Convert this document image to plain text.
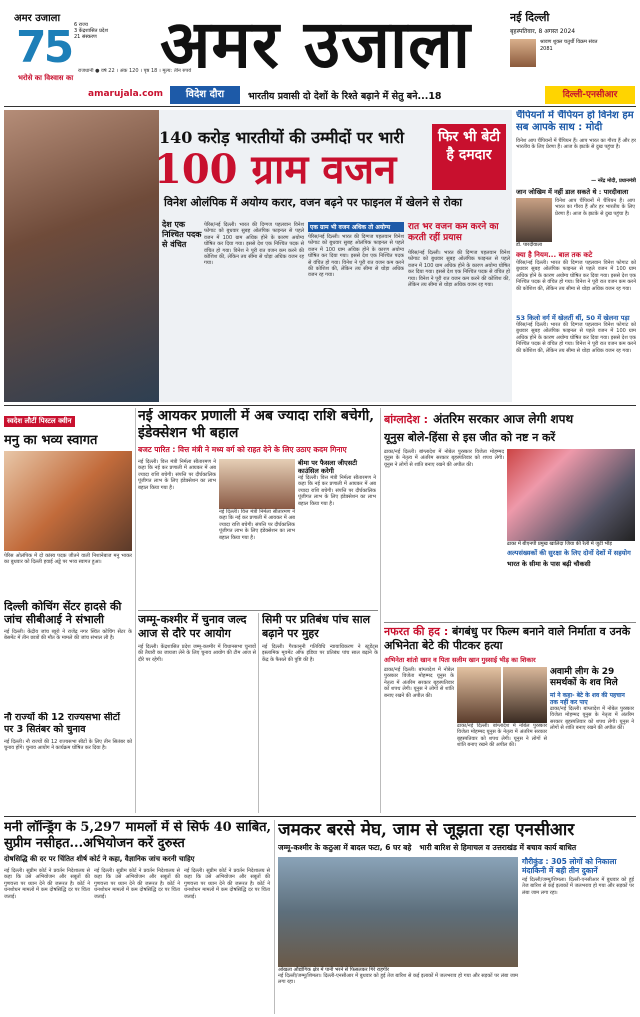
अमर उजाला
75 6 राज्य
3 केंद्रशासित प्रदेश
21 संस्करण
भरोसे का विश्वास का
राजधानी ● वर्ष 22 । अंक 120 । पृष्ठ 18 । मूल्य: तीन रुपये
अमर उजाला	नई दिल्ली
बृहस्पतिवार, 8 अगस्त 2024
श्रावण शुक्ल चतुर्थी विक्रम संवत 2081
amarujala.com	विदेश दौरा	भारतीय प्रवासी दो देशों के रिश्ते बढ़ाने में सेतु बने...18	दिल्ली-एनसीआर
देश एक निश्चित पदक से वंचित
140 करोड़ भारतीयों की उम्मीदों पर भारी
100 ग्राम वजन
फिर भी बेटी है दमदार
विनेश ओलंपिक में अयोग्य करार, वजन बढ़ने पर फाइनल में खेलने से रोका
पेरिस/नई दिल्ली। भारत की दिग्गज पहलवान विनेश फोगाट को बुधवार सुबह ओलंपिक फाइनल से पहले वजन में 100 ग्राम अधिक होने के कारण अयोग्य घोषित कर दिया गया। इससे देश एक निश्चित पदक से वंचित हो गया। विनेश ने पूरी रात वजन कम करने की कोशिश की, लेकिन तय सीमा से थोड़ा अधिक वजन रह गया।
एक ग्राम भी वजन अधिक तो अयोग्य
पेरिस/नई दिल्ली। भारत की दिग्गज पहलवान विनेश फोगाट को बुधवार सुबह ओलंपिक फाइनल से पहले वजन में 100 ग्राम अधिक होने के कारण अयोग्य घोषित कर दिया गया। इससे देश एक निश्चित पदक से वंचित हो गया। विनेश ने पूरी रात वजन कम करने की कोशिश की, लेकिन तय सीमा से थोड़ा अधिक वजन रह गया।
रात भर वजन कम करने का करती रहीं प्रयास
पेरिस/नई दिल्ली। भारत की दिग्गज पहलवान विनेश फोगाट को बुधवार सुबह ओलंपिक फाइनल से पहले वजन में 100 ग्राम अधिक होने के कारण अयोग्य घोषित कर दिया गया। इससे देश एक निश्चित पदक से वंचित हो गया। विनेश ने पूरी रात वजन कम करने की कोशिश की, लेकिन तय सीमा से थोड़ा अधिक वजन रह गया।
चैंपियनों में चैंपियन हो विनेश हम सब आपके साथ : मोदी
विनेश आप चैंपियनों में चैंपियन हैं। आप भारत का गौरव हैं और हर भारतीय के लिए प्रेरणा हैं। आज के झटके से दुख पहुंचा है।
— नरेंद्र मोदी, प्रधानमंत्री
जान जोखिम में नहीं डाल सकते थे : पारदीवाला
विनेश आप चैंपियनों में चैंपियन हैं। आप भारत का गौरव हैं और हर भारतीय के लिए प्रेरणा हैं। आज के झटके से दुख पहुंचा है।
डॉ. पारदीवाला
क्या है नियम... बाल तक कटे
पेरिस/नई दिल्ली। भारत की दिग्गज पहलवान विनेश फोगाट को बुधवार सुबह ओलंपिक फाइनल से पहले वजन में 100 ग्राम अधिक होने के कारण अयोग्य घोषित कर दिया गया। इससे देश एक निश्चित पदक से वंचित हो गया। विनेश ने पूरी रात वजन कम करने की कोशिश की, लेकिन तय सीमा से थोड़ा अधिक वजन रह गया।
53 किलो वर्ग में खेलतीं थीं, 50 में खेलना पड़ा
पेरिस/नई दिल्ली। भारत की दिग्गज पहलवान विनेश फोगाट को बुधवार सुबह ओलंपिक फाइनल से पहले वजन में 100 ग्राम अधिक होने के कारण अयोग्य घोषित कर दिया गया। इससे देश एक निश्चित पदक से वंचित हो गया। विनेश ने पूरी रात वजन कम करने की कोशिश की, लेकिन तय सीमा से थोड़ा अधिक वजन रह गया।
स्वदेश लौटीं पिस्टल क्वीन
मनु का भव्य स्वागत
पेरिस ओलंपिक में दो कांस्य पदक जीतने वाली निशानेबाज मनु भाकर का बुधवार को दिल्ली हवाई अड्डे पर भव्य स्वागत हुआ।
दिल्ली कोचिंग सेंटर हादसे की जांच सीबीआई ने संभाली
नई दिल्ली। केंद्रीय जांच ब्यूरो ने राजेंद्र नगर स्थित कोचिंग सेंटर के बेसमेंट में तीन छात्रों की मौत के मामले की जांच संभाल ली है।
नौ राज्यों की 12 राज्यसभा सीटों पर 3 सितंबर को चुनाव
नई दिल्ली। नौ राज्यों की 12 राज्यसभा सीटों के लिए तीन सितंबर को चुनाव होंगे। चुनाव आयोग ने कार्यक्रम घोषित कर दिया है।
नई आयकर प्रणाली में अब ज्यादा राशि बचेगी, इंडेक्सेशन भी बहाल
बजट पारित : वित्त मंत्री ने मध्य वर्ग को राहत देने के लिए उठाए कदम गिनाए
नई दिल्ली। वित्त मंत्री निर्मला सीतारमण ने कहा कि नई कर प्रणाली में आयकर में अब ज्यादा राशि बचेगी। संपत्ति पर दीर्घकालिक पूंजीगत लाभ के लिए इंडेक्सेशन का लाभ बहाल किया गया है।
नई दिल्ली। वित्त मंत्री निर्मला सीतारमण ने कहा कि नई कर प्रणाली में आयकर में अब ज्यादा राशि बचेगी। संपत्ति पर दीर्घकालिक पूंजीगत लाभ के लिए इंडेक्सेशन का लाभ बहाल किया गया है।
बीमा पर फैसला जीएसटी काउंसिल करेगी
नई दिल्ली। वित्त मंत्री निर्मला सीतारमण ने कहा कि नई कर प्रणाली में आयकर में अब ज्यादा राशि बचेगी। संपत्ति पर दीर्घकालिक पूंजीगत लाभ के लिए इंडेक्सेशन का लाभ बहाल किया गया है।
जम्मू-कश्मीर में चुनाव जल्द आज से दौरे पर आयोग
नई दिल्ली। केंद्रशासित प्रदेश जम्मू-कश्मीर में विधानसभा चुनावों की तैयारी का जायजा लेने के लिए चुनाव आयोग की टीम आज से दौरे पर रहेगी।
सिमी पर प्रतिबंध पांच साल बढ़ाने पर मुहर
नई दिल्ली। गैरकानूनी गतिविधि न्यायाधिकरण ने स्टूडेंट्स इस्लामिक मूवमेंट ऑफ इंडिया पर प्रतिबंध पांच साल बढ़ाने के केंद्र के फैसले की पुष्टि की है।
बांग्लादेश : अंतरिम सरकार आज लेगी शपथ
यूनुस बोले-हिंसा से इस जीत को नष्ट न करें
ढाका/नई दिल्ली। बांग्लादेश में नोबेल पुरस्कार विजेता मोहम्मद यूनुस के नेतृत्व में अंतरिम सरकार बृहस्पतिवार को शपथ लेगी। यूनुस ने लोगों से शांति बनाए रखने की अपील की।
ढाका में बीएनपी प्रमुख खालिदा जिया की रैली में जुटी भीड़
अल्पसंख्यकों की सुरक्षा के लिए दोनों देशों में सहयोग
भारत के सीमा के पास बढ़ी चौकसी
नफरत की हद : बंगबंधु पर फिल्म बनाने वाले निर्माता व उनके अभिनेता बेटे की पीटकर हत्या
अभिनेता शांतो खान व पिता सलीम खान गुस्साई भीड़ का शिकार
ढाका/नई दिल्ली। बांग्लादेश में नोबेल पुरस्कार विजेता मोहम्मद यूनुस के नेतृत्व में अंतरिम सरकार बृहस्पतिवार को शपथ लेगी। यूनुस ने लोगों से शांति बनाए रखने की अपील की।
ढाका/नई दिल्ली। बांग्लादेश में नोबेल पुरस्कार विजेता मोहम्मद यूनुस के नेतृत्व में अंतरिम सरकार बृहस्पतिवार को शपथ लेगी। यूनुस ने लोगों से शांति बनाए रखने की अपील की।
अवामी लीग के 29 समर्थकों के शव मिले
मां ने कहा- बेटे के शव की पहचान तक नहीं कर पाए
ढाका/नई दिल्ली। बांग्लादेश में नोबेल पुरस्कार विजेता मोहम्मद यूनुस के नेतृत्व में अंतरिम सरकार बृहस्पतिवार को शपथ लेगी। यूनुस ने लोगों से शांति बनाए रखने की अपील की।
मनी लॉन्ड्रिंग के 5,297 मामलों में से सिर्फ 40 साबित, सुप्रीम नसीहत...अभियोजन करें दुरुस्त
दोषसिद्धि की दर पर चिंतित शीर्ष कोर्ट ने कहा, वैज्ञानिक जांच करनी चाहिए
नई दिल्ली। सुप्रीम कोर्ट ने प्रवर्तन निदेशालय से कहा कि उसे अभियोजन और सबूतों की गुणवत्ता पर ध्यान देने की जरूरत है। कोर्ट ने धनशोधन मामलों में कम दोषसिद्धि दर पर चिंता जताई।
नई दिल्ली। सुप्रीम कोर्ट ने प्रवर्तन निदेशालय से कहा कि उसे अभियोजन और सबूतों की गुणवत्ता पर ध्यान देने की जरूरत है। कोर्ट ने धनशोधन मामलों में कम दोषसिद्धि दर पर चिंता जताई।
नई दिल्ली। सुप्रीम कोर्ट ने प्रवर्तन निदेशालय से कहा कि उसे अभियोजन और सबूतों की गुणवत्ता पर ध्यान देने की जरूरत है। कोर्ट ने धनशोधन मामलों में कम दोषसिद्धि दर पर चिंता जताई।
जमकर बरसे मेघ, जाम से जूझता रहा एनसीआर
जम्मू-कश्मीर के कठुआ में बादल फटा, 6 घर बहे भारी बारिश से हिमाचल व उत्तराखंड में बचाव कार्य बाधित
ओखला औद्योगिक क्षेत्र में पानी भरने से फिसलकर गिरे राहगीर
नई दिल्ली/जम्मू/शिमला। दिल्ली-एनसीआर में बुधवार को हुई तेज बारिश से कई इलाकों में जलभराव हो गया और सड़कों पर लंबा जाम लगा रहा।
गौरीकुंड : 305 लोगों को निकाला मंदाकिनी में बही तीन दुकानें
नई दिल्ली/जम्मू/शिमला। दिल्ली-एनसीआर में बुधवार को हुई तेज बारिश से कई इलाकों में जलभराव हो गया और सड़कों पर लंबा जाम लगा रहा।
